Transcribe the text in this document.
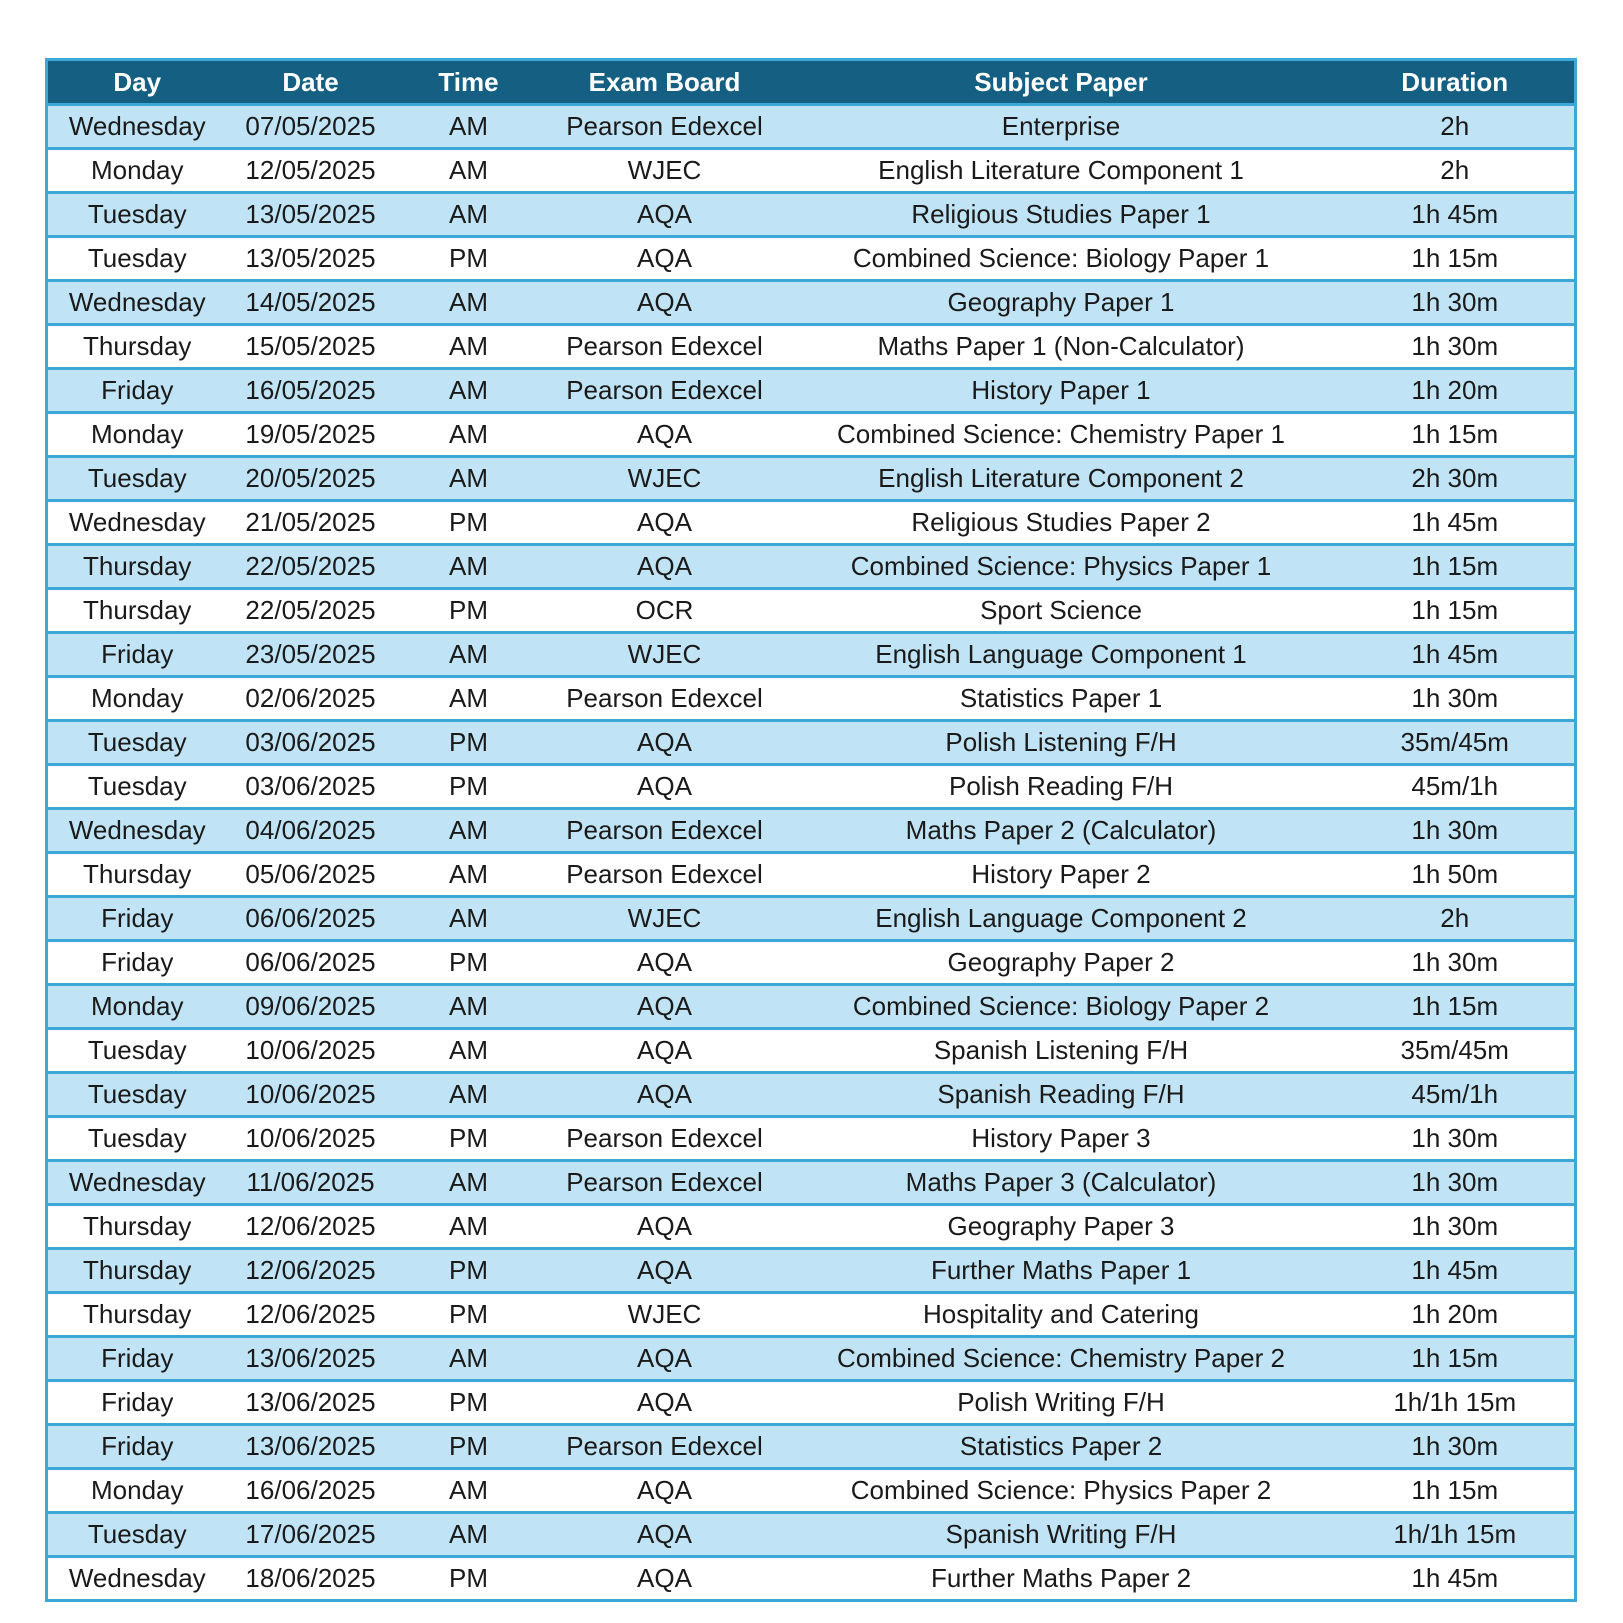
Day	Date	Time	Exam Board	Subject Paper	Duration
Wednesday	07/05/2025	AM	Pearson Edexcel	Enterprise	2h
Monday	12/05/2025	AM	WJEC	English Literature Component 1	2h
Tuesday	13/05/2025	AM	AQA	Religious Studies Paper 1	1h 45m
Tuesday	13/05/2025	PM	AQA	Combined Science: Biology Paper 1	1h 15m
Wednesday	14/05/2025	AM	AQA	Geography Paper 1	1h 30m
Thursday	15/05/2025	AM	Pearson Edexcel	Maths Paper 1 (Non-Calculator)	1h 30m
Friday	16/05/2025	AM	Pearson Edexcel	History Paper 1	1h 20m
Monday	19/05/2025	AM	AQA	Combined Science: Chemistry Paper 1	1h 15m
Tuesday	20/05/2025	AM	WJEC	English Literature Component 2	2h 30m
Wednesday	21/05/2025	PM	AQA	Religious Studies Paper 2	1h 45m
Thursday	22/05/2025	AM	AQA	Combined Science: Physics Paper 1	1h 15m
Thursday	22/05/2025	PM	OCR	Sport Science	1h 15m
Friday	23/05/2025	AM	WJEC	English Language Component 1	1h 45m
Monday	02/06/2025	AM	Pearson Edexcel	Statistics Paper 1	1h 30m
Tuesday	03/06/2025	PM	AQA	Polish Listening F/H	35m/45m
Tuesday	03/06/2025	PM	AQA	Polish Reading F/H	45m/1h
Wednesday	04/06/2025	AM	Pearson Edexcel	Maths Paper 2 (Calculator)	1h 30m
Thursday	05/06/2025	AM	Pearson Edexcel	History Paper 2	1h 50m
Friday	06/06/2025	AM	WJEC	English Language Component 2	2h
Friday	06/06/2025	PM	AQA	Geography Paper 2	1h 30m
Monday	09/06/2025	AM	AQA	Combined Science: Biology Paper 2	1h 15m
Tuesday	10/06/2025	AM	AQA	Spanish Listening F/H	35m/45m
Tuesday	10/06/2025	AM	AQA	Spanish Reading F/H	45m/1h
Tuesday	10/06/2025	PM	Pearson Edexcel	History Paper 3	1h 30m
Wednesday	11/06/2025	AM	Pearson Edexcel	Maths Paper 3 (Calculator)	1h 30m
Thursday	12/06/2025	AM	AQA	Geography Paper 3	1h 30m
Thursday	12/06/2025	PM	AQA	Further Maths Paper 1	1h 45m
Thursday	12/06/2025	PM	WJEC	Hospitality and Catering	1h 20m
Friday	13/06/2025	AM	AQA	Combined Science: Chemistry Paper 2	1h 15m
Friday	13/06/2025	PM	AQA	Polish Writing F/H	1h/1h 15m
Friday	13/06/2025	PM	Pearson Edexcel	Statistics Paper 2	1h 30m
Monday	16/06/2025	AM	AQA	Combined Science: Physics Paper 2	1h 15m
Tuesday	17/06/2025	AM	AQA	Spanish Writing F/H	1h/1h 15m
Wednesday	18/06/2025	PM	AQA	Further Maths Paper 2	1h 45m
